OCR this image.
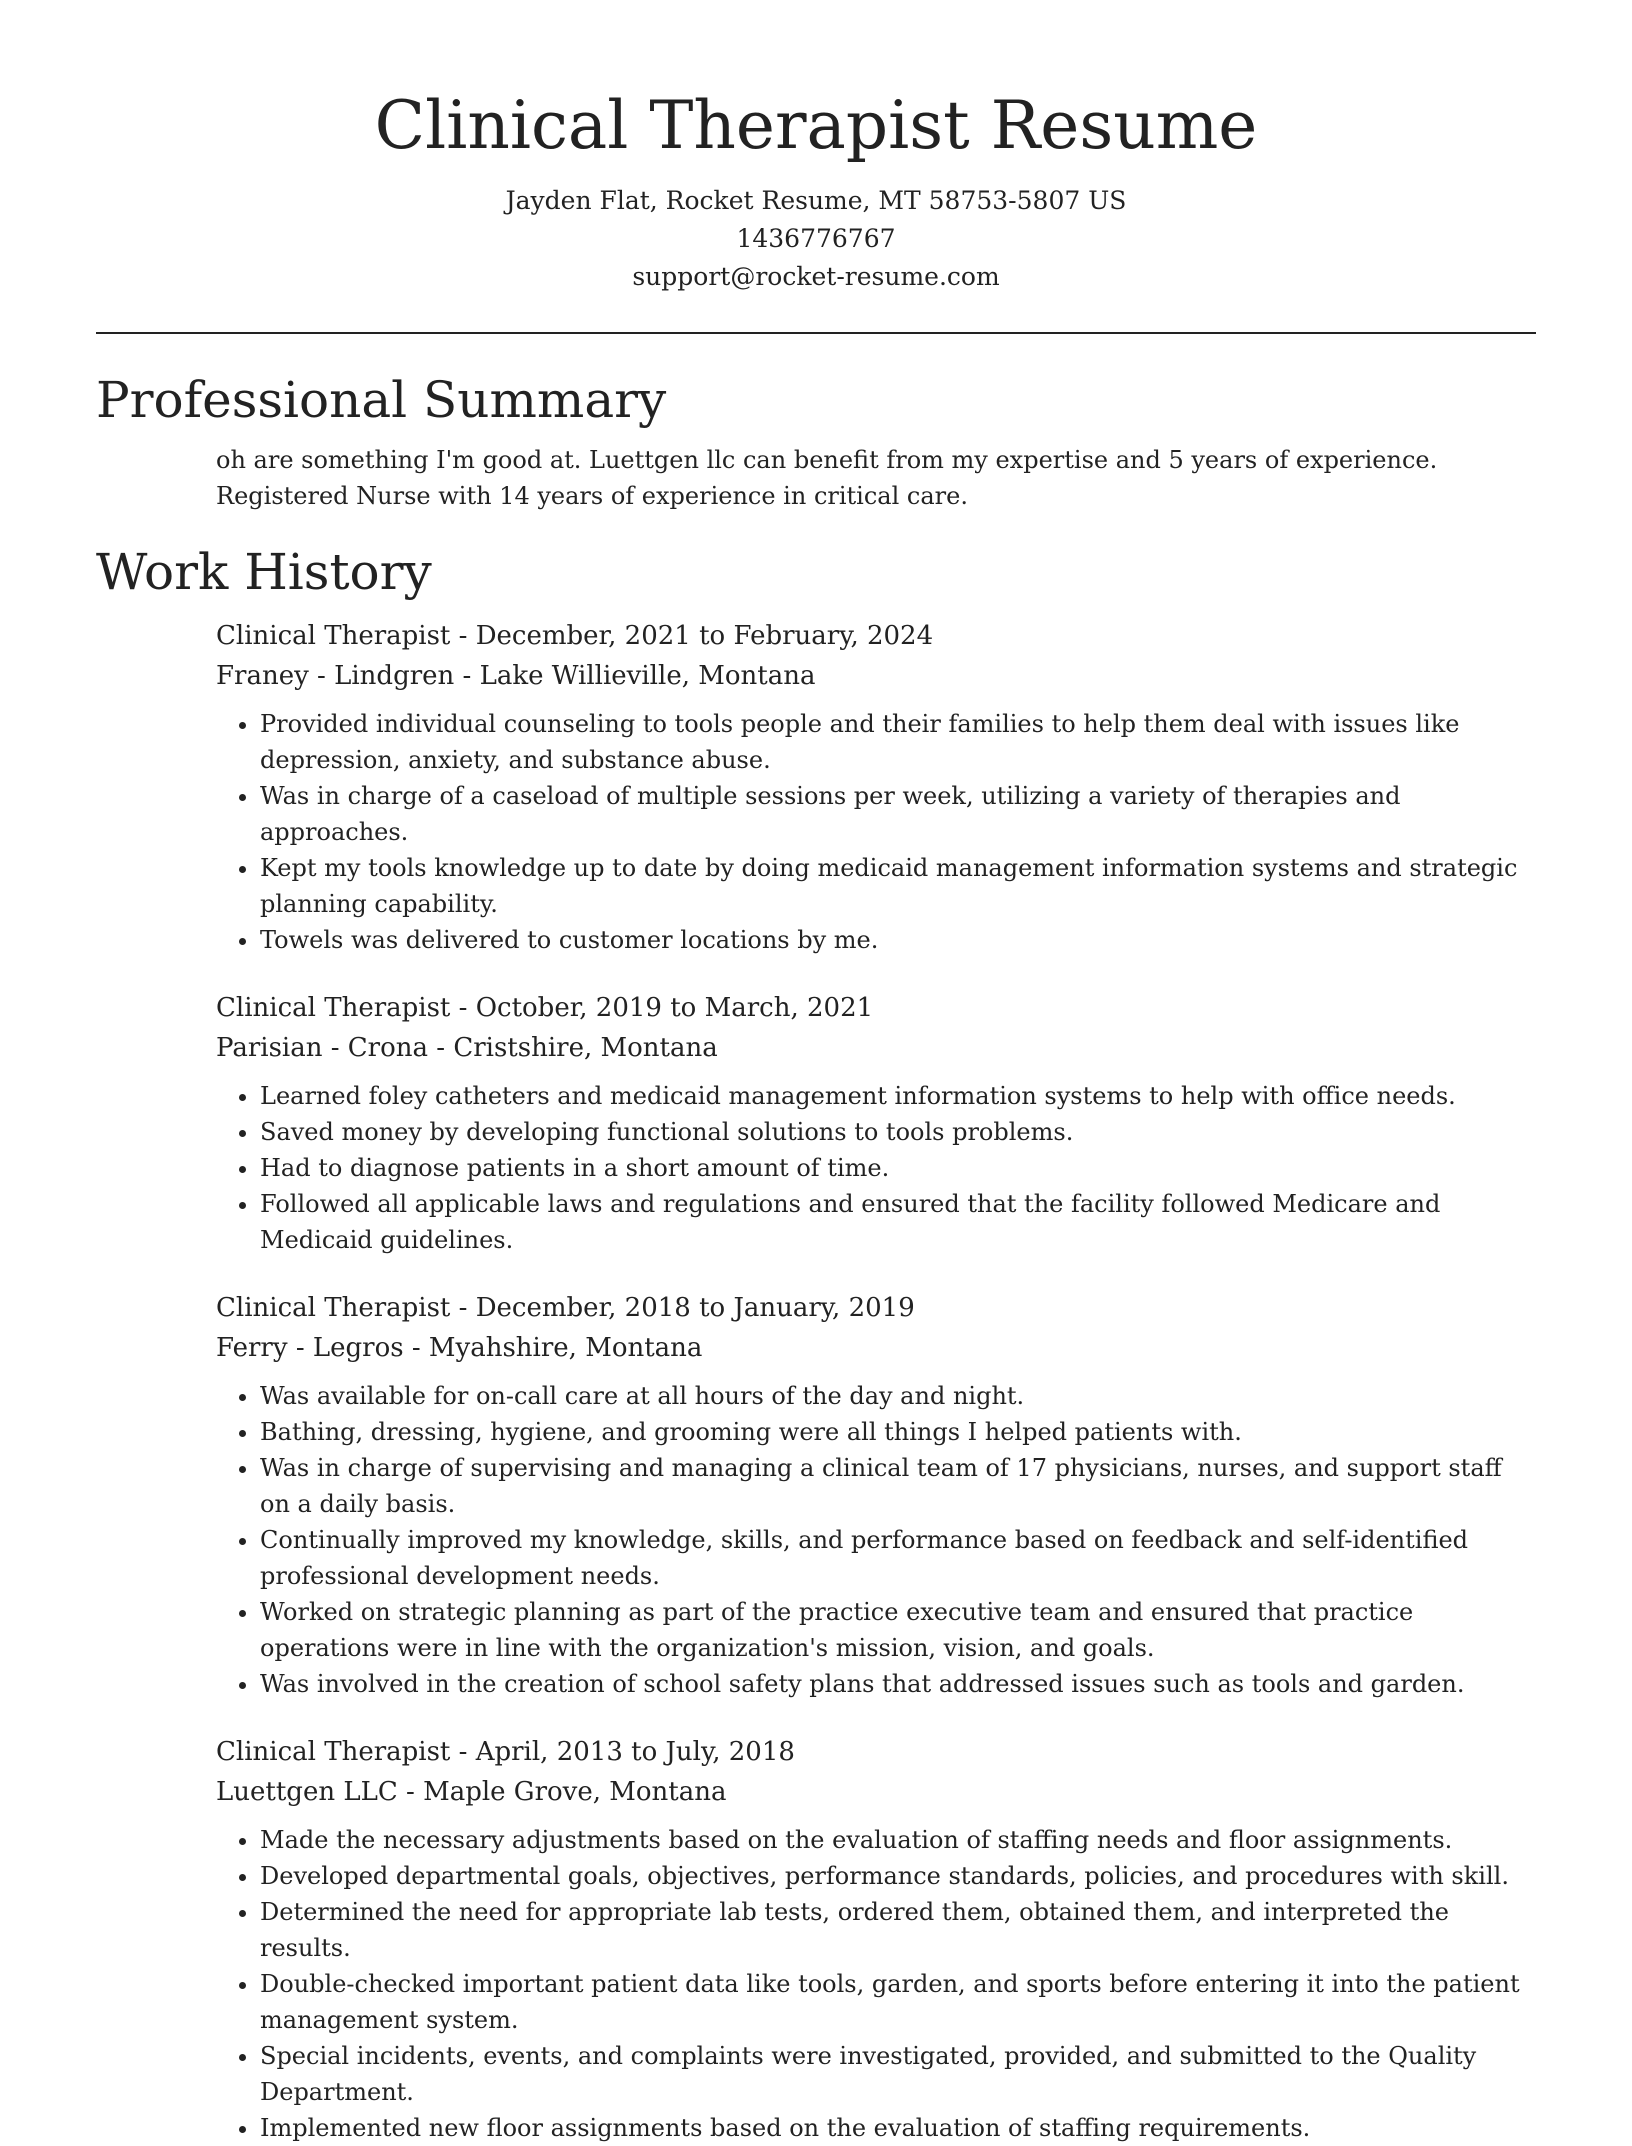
Clinical Therapist Resume
Jayden Flat, Rocket Resume, MT 58753-5807 US
1436776767
support@rocket-resume.com
Professional Summary

oh are something I'm good at. Luettgen llc can benefit from my expertise and 5 years of experience. Registered Nurse with 14 years of experience in critical care.

Work History
Clinical Therapist - December, 2021 to February, 2024
Franey - Lindgren - Lake Willieville, Montana
• Provided individual counseling to tools people and their families to help them deal with issues like depression, anxiety, and substance abuse.
• Was in charge of a caseload of multiple sessions per week, utilizing a variety of therapies and approaches.
• Kept my tools knowledge up to date by doing medicaid management information systems and strategic planning capability.
• Towels was delivered to customer locations by me.
Clinical Therapist - October, 2019 to March, 2021
Parisian - Crona - Cristshire, Montana
• Learned foley catheters and medicaid management information systems to help with office needs.
• Saved money by developing functional solutions to tools problems.
• Had to diagnose patients in a short amount of time.
• Followed all applicable laws and regulations and ensured that the facility followed Medicare and Medicaid guidelines.
Clinical Therapist - December, 2018 to January, 2019
Ferry - Legros - Myahshire, Montana
• Was available for on-call care at all hours of the day and night.
• Bathing, dressing, hygiene, and grooming were all things I helped patients with.
• Was in charge of supervising and managing a clinical team of 17 physicians, nurses, and support staff on a daily basis.
• Continually improved my knowledge, skills, and performance based on feedback and self-identified professional development needs.
• Worked on strategic planning as part of the practice executive team and ensured that practice operations were in line with the organization's mission, vision, and goals.
• Was involved in the creation of school safety plans that addressed issues such as tools and garden.
Clinical Therapist - April, 2013 to July, 2018
Luettgen LLC - Maple Grove, Montana
• Made the necessary adjustments based on the evaluation of staffing needs and floor assignments.
• Developed departmental goals, objectives, performance standards, policies, and procedures with skill.
• Determined the need for appropriate lab tests, ordered them, obtained them, and interpreted the results.
• Double-checked important patient data like tools, garden, and sports before entering it into the patient management system.
• Special incidents, events, and complaints were investigated, provided, and submitted to the Quality Department.
• Implemented new floor assignments based on the evaluation of staffing requirements.
